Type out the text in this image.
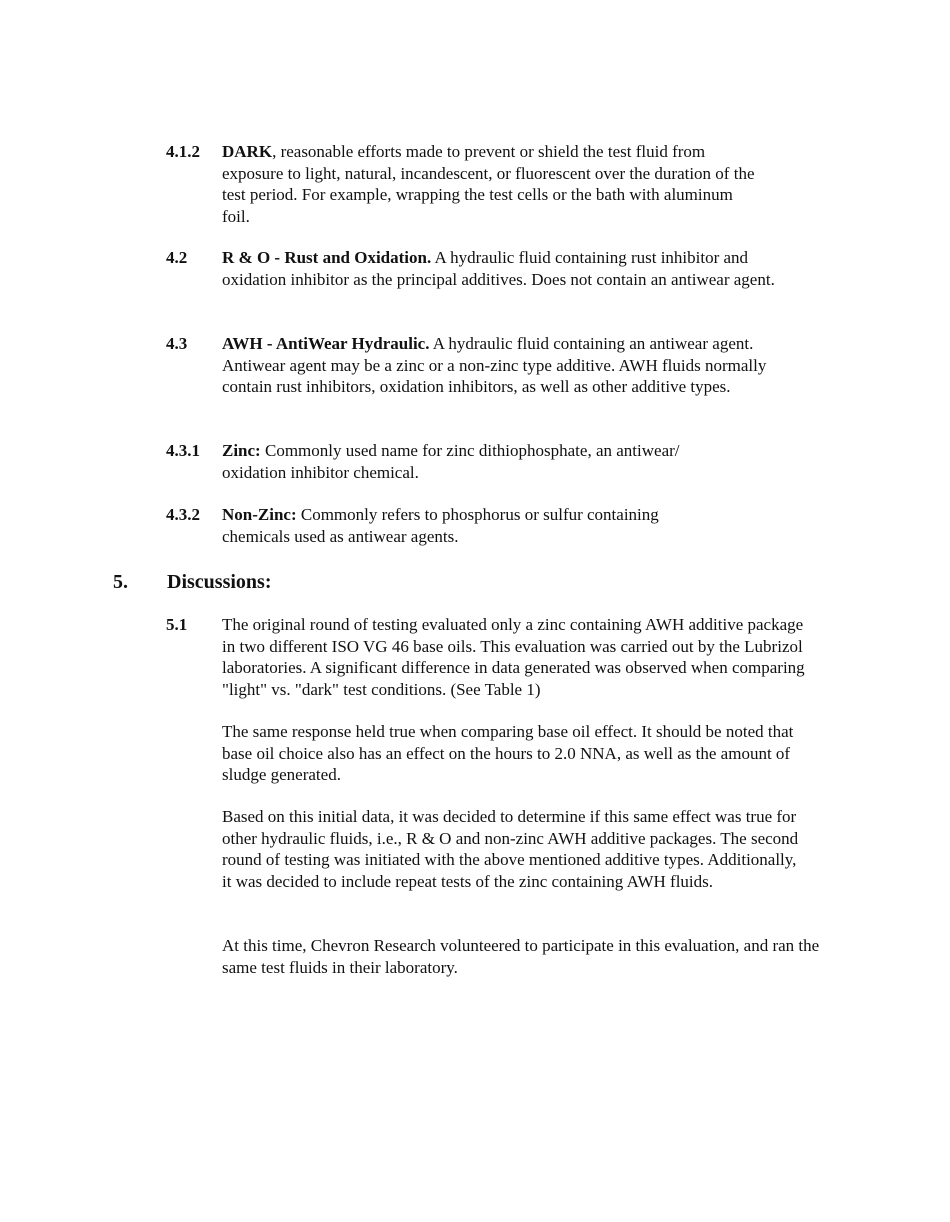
4.1.2	DARK, reasonable efforts made to prevent or shield the test fluid from exposure to light, natural, incandescent, or fluorescent over the duration of the test period. For example, wrapping the test cells or the bath with aluminum foil.
4.2	R & O - Rust and Oxidation. A hydraulic fluid containing rust inhibitor and oxidation inhibitor as the principal additives. Does not contain an antiwear agent.
4.3	AWH - AntiWear Hydraulic. A hydraulic fluid containing an antiwear agent. Antiwear agent may be a zinc or a non-zinc type additive. AWH fluids normally contain rust inhibitors, oxidation inhibitors, as well as other additive types.
4.3.1	Zinc: Commonly used name for zinc dithiophosphate, an antiwear/ oxidation inhibitor chemical.
4.3.2	Non-Zinc: Commonly refers to phosphorus or sulfur containing chemicals used as antiwear agents.
5. Discussions:
5.1	The original round of testing evaluated only a zinc containing AWH additive package in two different ISO VG 46 base oils. This evaluation was carried out by the Lubrizol laboratories. A significant difference in data generated was observed when comparing "light" vs. "dark" test conditions. (See Table 1)
The same response held true when comparing base oil effect. It should be noted that base oil choice also has an effect on the hours to 2.0 NNA, as well as the amount of sludge generated.
Based on this initial data, it was decided to determine if this same effect was true for other hydraulic fluids, i.e., R & O and non-zinc AWH additive packages. The second round of testing was initiated with the above mentioned additive types. Additionally, it was decided to include repeat tests of the zinc containing AWH fluids.
At this time, Chevron Research volunteered to participate in this evaluation, and ran the same test fluids in their laboratory.
